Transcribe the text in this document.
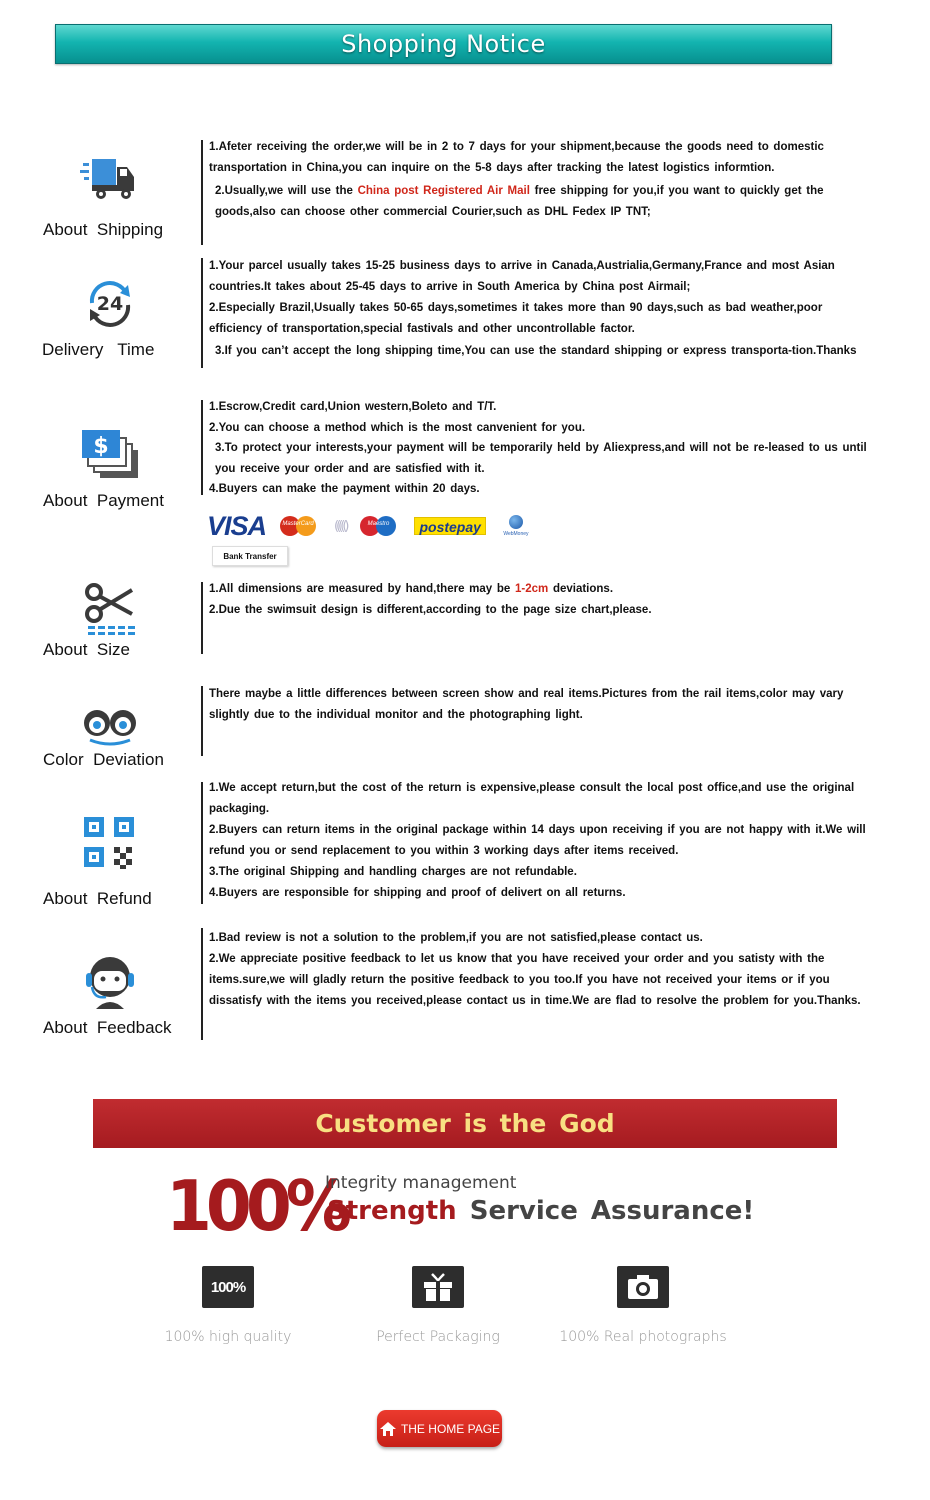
Shopping Notice
About  Shipping

1.Afeter receiving the order,we will be in 2 to 7 days for your shipment,because the goods need to domestic transportation in China,you can inquire on the 5-8 days after tracking the latest logistics informtion.

2.Usually,we will use the China post Registered Air Mail free shipping for you,if you want to quickly get the goods,also can choose other commercial Courier,such as DHL Fedex IP TNT;

24
Delivery   Time

1.Your parcel usually takes 15-25 business days to arrive in Canada,Austrialia,Germany,France and most Asian countries.It takes about 25-45 days to arrive in South America by China post Airmail;

2.Especially Brazil,Usually takes 50-65 days,sometimes it takes more than 90 days,such as bad weather,poor efficiency of transportation,special fastivals and other uncontrollable factor.

3.If you can’t accept the long shipping time,You can use the standard shipping or express transporta-tion.Thanks

$
About  Payment

1.Escrow,Credit card,Union western,Boleto and T/T.

2.You can choose a method which is the most canvenient for you.

3.To protect your interests,your payment will be temporarily held by Aliexpress,and will not be re-leased to us until you receive your order and are satisfied with it.

4.Buyers can make the payment within 20 days.

VISA	MasterCard	((((()	Maestro	postepay	WebMoney
Bank Transfer
About  Size

1.All dimensions are measured by hand,there may be 1-2cm deviations.

2.Due the swimsuit design is different,according to the page size chart,please.

Color  Deviation

There maybe a little differences between screen show and real items.Pictures from the rail items,color may vary slightly due to the individual monitor and the photographing light.

About  Refund

1.We accept return,but the cost of the return is expensive,please consult the local post office,and use the original packaging.

2.Buyers can return items in the original package within 14 days upon receiving if you are not happy with it.We will refund you or send replacement to you within 3 working days after items received.

3.The original Shipping and handling charges are not refundable.

4.Buyers are responsible for shipping and proof of delivert on all returns.

About  Feedback

1.Bad review is not a solution to the problem,if you are not satisfied,please contact us.

2.We appreciate positive feedback to let us know that you have received your order and you satisty with the items.sure,we will gladly return the positive feedback to you too.If you have not received your items or if you dissatisfy with the items you received,please contact us in time.We are flad to resolve the problem for you.Thanks.

Customer is the God
100%
Integrity management
Strength Service Assurance!
100%
100% high quality	Perfect Packaging	100% Real photographs
THE HOME PAGE
